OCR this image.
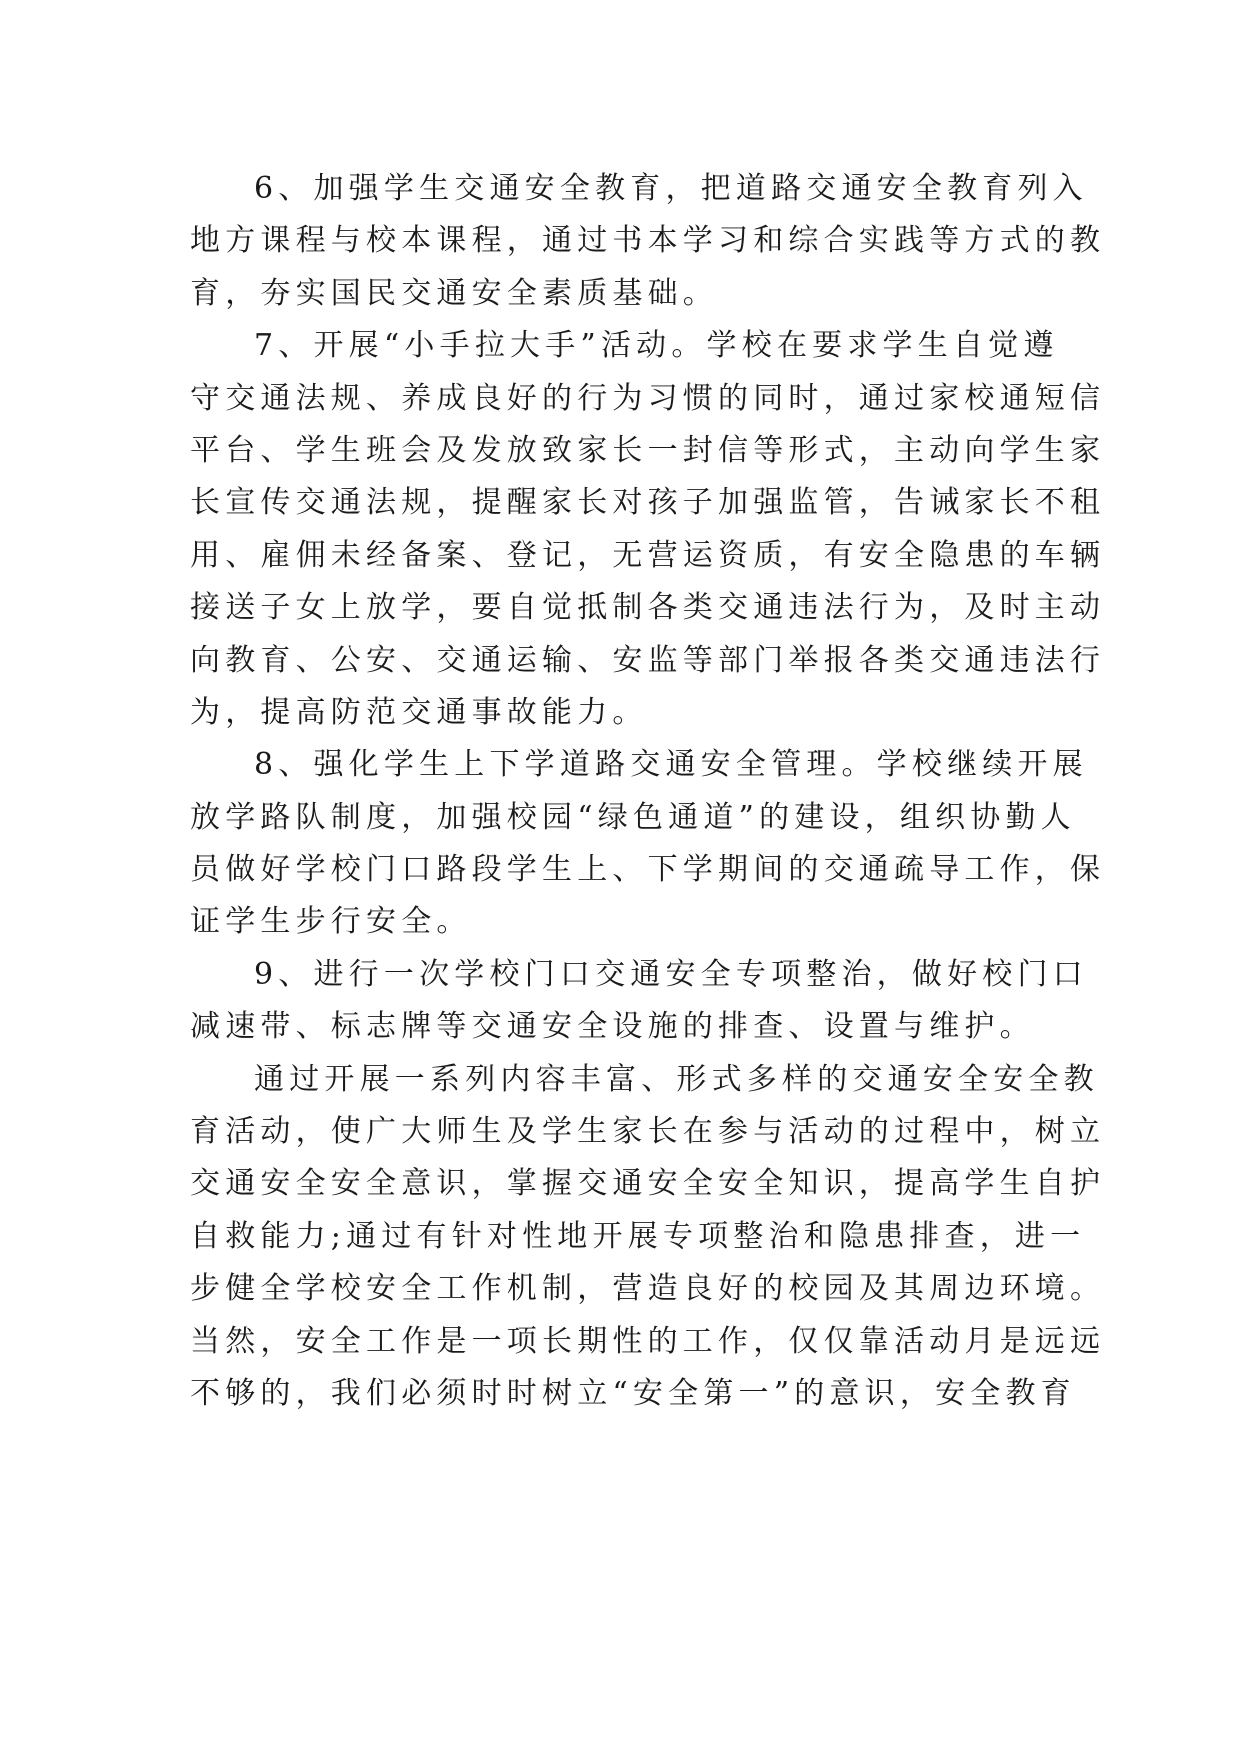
6、加强学生交通安全教育，把道路交通安全教育列入
地方课程与校本课程，通过书本学习和综合实践等方式的教
育，夯实国民交通安全素质基础。
7、开展“小手拉大手”活动。学校在要求学生自觉遵
守交通法规、养成良好的行为习惯的同时，通过家校通短信
平台、学生班会及发放致家长一封信等形式，主动向学生家
长宣传交通法规，提醒家长对孩子加强监管，告诫家长不租
用、雇佣未经备案、登记，无营运资质，有安全隐患的车辆
接送子女上放学，要自觉抵制各类交通违法行为，及时主动
向教育、公安、交通运输、安监等部门举报各类交通违法行
为，提高防范交通事故能力。
8、强化学生上下学道路交通安全管理。学校继续开展
放学路队制度，加强校园“绿色通道”的建设，组织协勤人
员做好学校门口路段学生上、下学期间的交通疏导工作，保
证学生步行安全。
9、进行一次学校门口交通安全专项整治，做好校门口
减速带、标志牌等交通安全设施的排查、设置与维护。
通过开展一系列内容丰富、形式多样的交通安全安全教
育活动，使广大师生及学生家长在参与活动的过程中，树立
交通安全安全意识，掌握交通安全安全知识，提高学生自护
自救能力;通过有针对性地开展专项整治和隐患排查，进一
步健全学校安全工作机制，营造良好的校园及其周边环境。
当然，安全工作是一项长期性的工作，仅仅靠活动月是远远
不够的，我们必须时时树立“安全第一”的意识，安全教育
